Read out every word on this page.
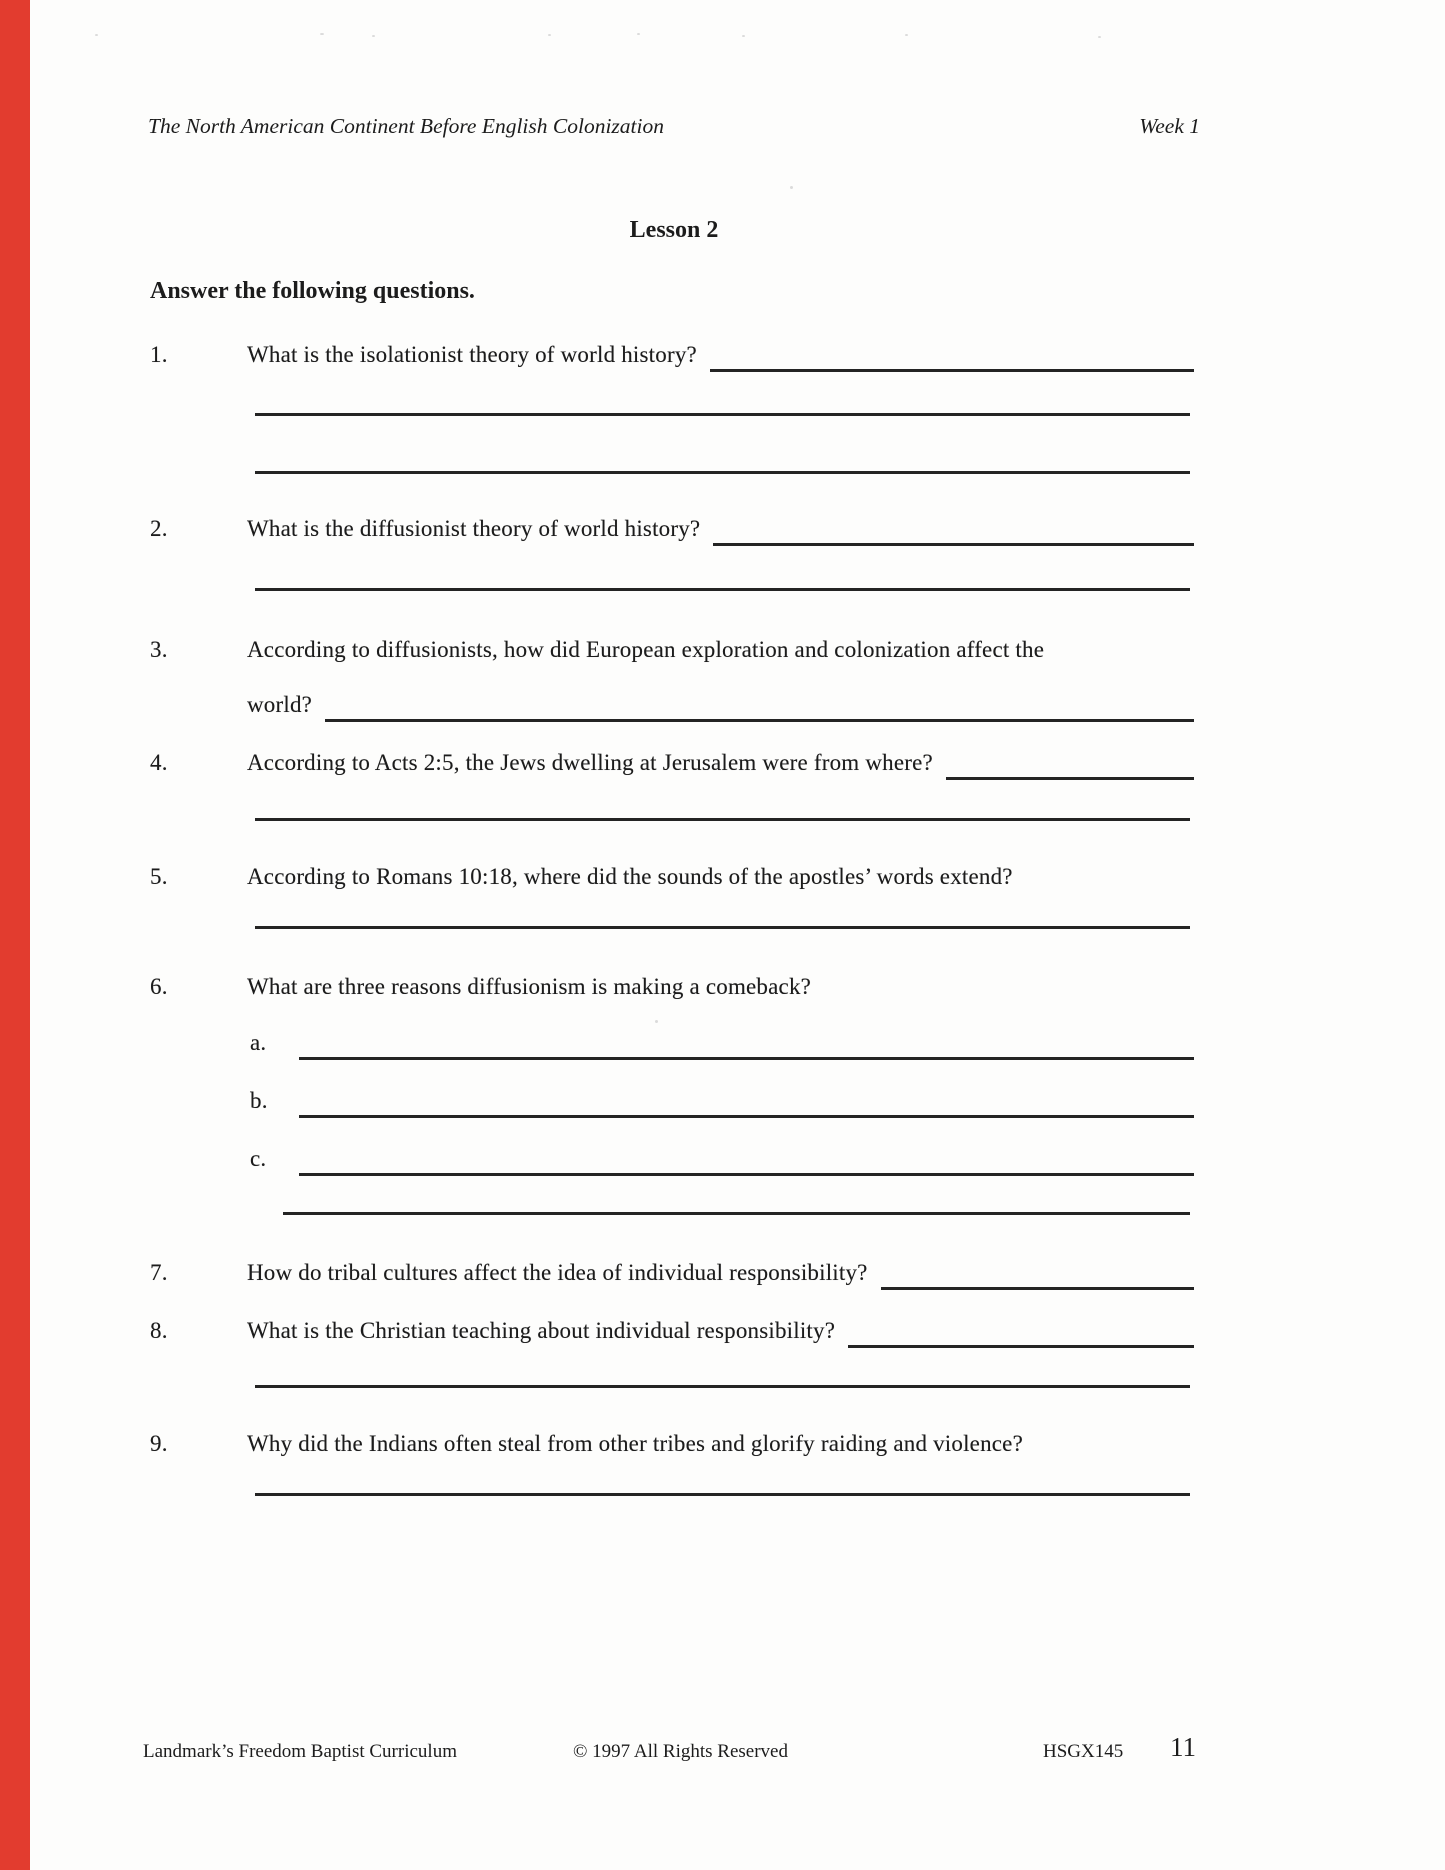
The North American Continent Before English Colonization	Week 1
Lesson 2
Answer the following questions.
1.	What is the isolationist theory of world history?
2.	What is the diffusionist theory of world history?
3.	According to diffusionists, how did European exploration and colonization affect the
world?
4.	According to Acts 2:5, the Jews dwelling at Jerusalem were from where?
5.	According to Romans 10:18, where did the sounds of the apostles’ words extend?
6.	What are three reasons diffusionism is making a comeback?
a.
b.
c.
7.	How do tribal cultures affect the idea of individual responsibility?
8.	What is the Christian teaching about individual responsibility?
9.	Why did the Indians often steal from other tribes and glorify raiding and violence?
Landmark’s Freedom Baptist Curriculum	© 1997 All Rights Reserved	HSGX145 11
